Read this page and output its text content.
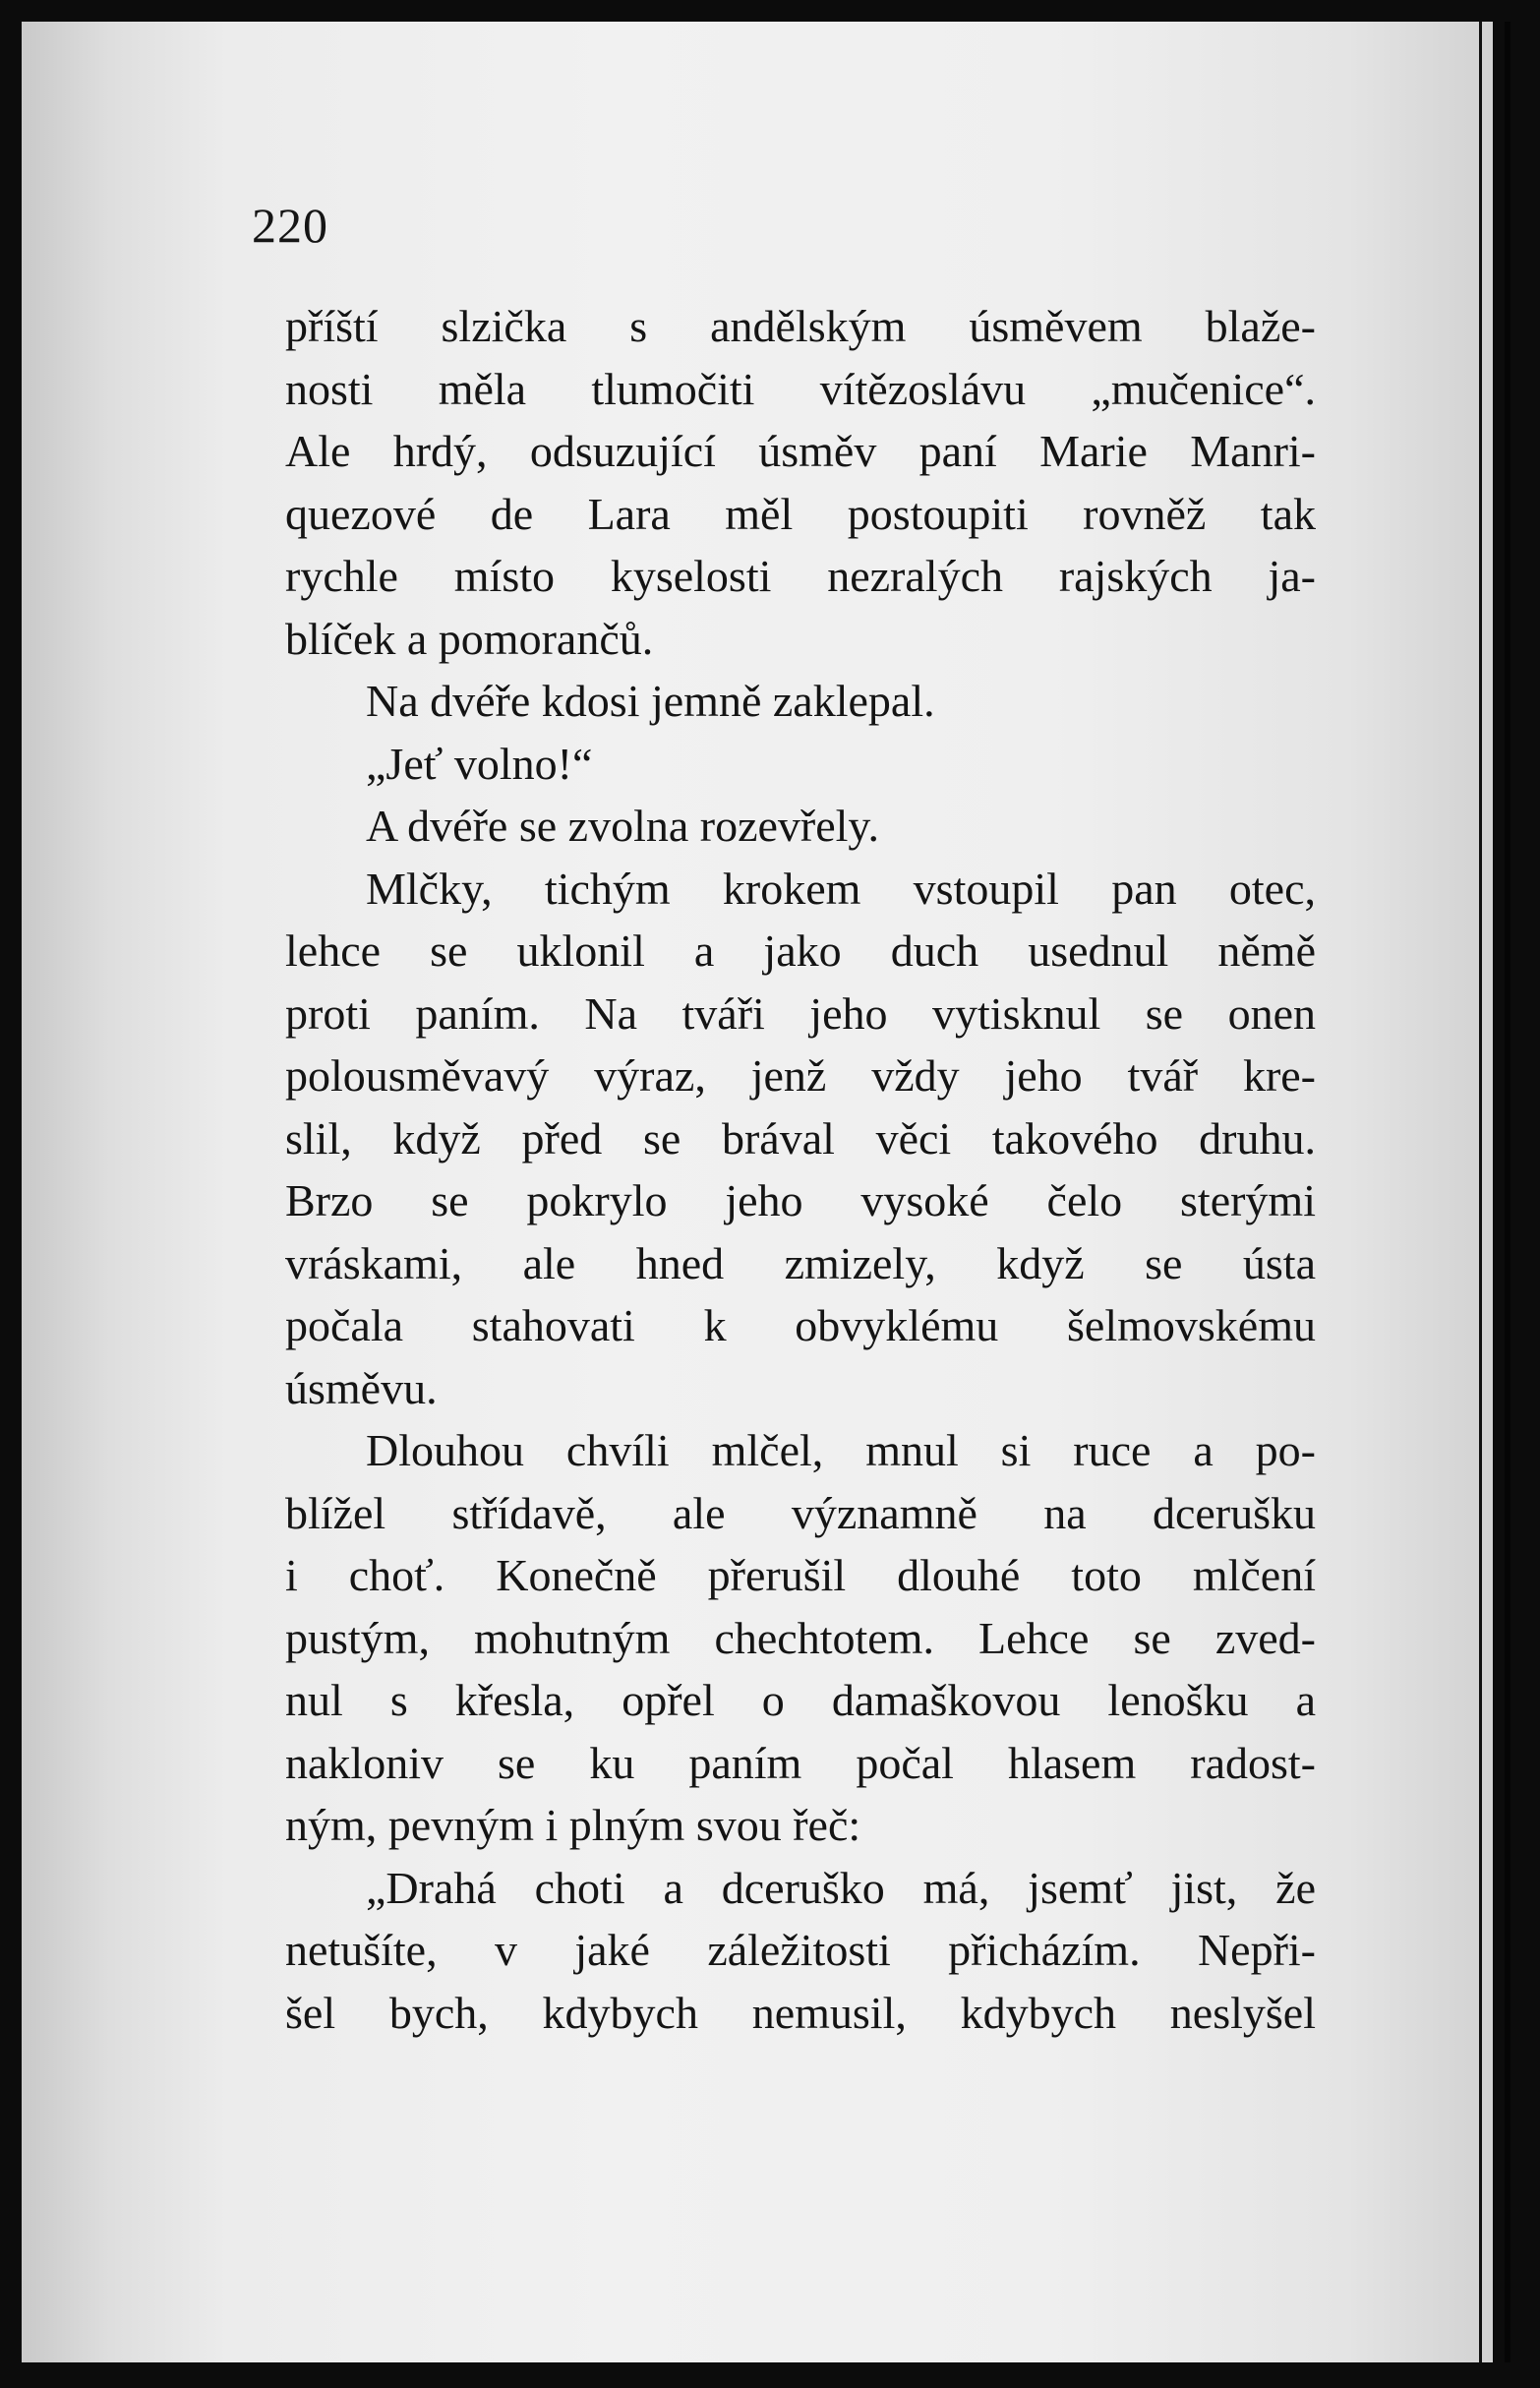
220
příští slzička s andělským úsměvem blaže-
nosti měla tlumočiti vítězoslávu „mučenice“.
Ale hrdý, odsuzující úsměv paní Marie Manri-
quezové de Lara měl postoupiti rovněž tak
rychle místo kyselosti nezralých rajských ja-
blíček a pomorančů.
Na dvéře kdosi jemně zaklepal.
„Jeť volno!“
A dvéře se zvolna rozevřely.
Mlčky, tichým krokem vstoupil pan otec,
lehce se uklonil a jako duch usednul němě
proti paním. Na tváři jeho vytisknul se onen
polousměvavý výraz, jenž vždy jeho tvář kre-
slil, když před se brával věci takového druhu.
Brzo se pokrylo jeho vysoké čelo sterými
vráskami, ale hned zmizely, když se ústa
počala stahovati k obvyklému šelmovskému
úsměvu.
Dlouhou chvíli mlčel, mnul si ruce a po-
blížel střídavě, ale významně na dcerušku
i choť. Konečně přerušil dlouhé toto mlčení
pustým, mohutným chechtotem. Lehce se zved-
nul s křesla, opřel o damaškovou lenošku a
nakloniv se ku paním počal hlasem radost-
ným, pevným i plným svou řeč:
„Drahá choti a dceruško má, jsemť jist, že
netušíte, v jaké záležitosti přicházím. Nepři-
šel bych, kdybych nemusil, kdybych neslyšel
